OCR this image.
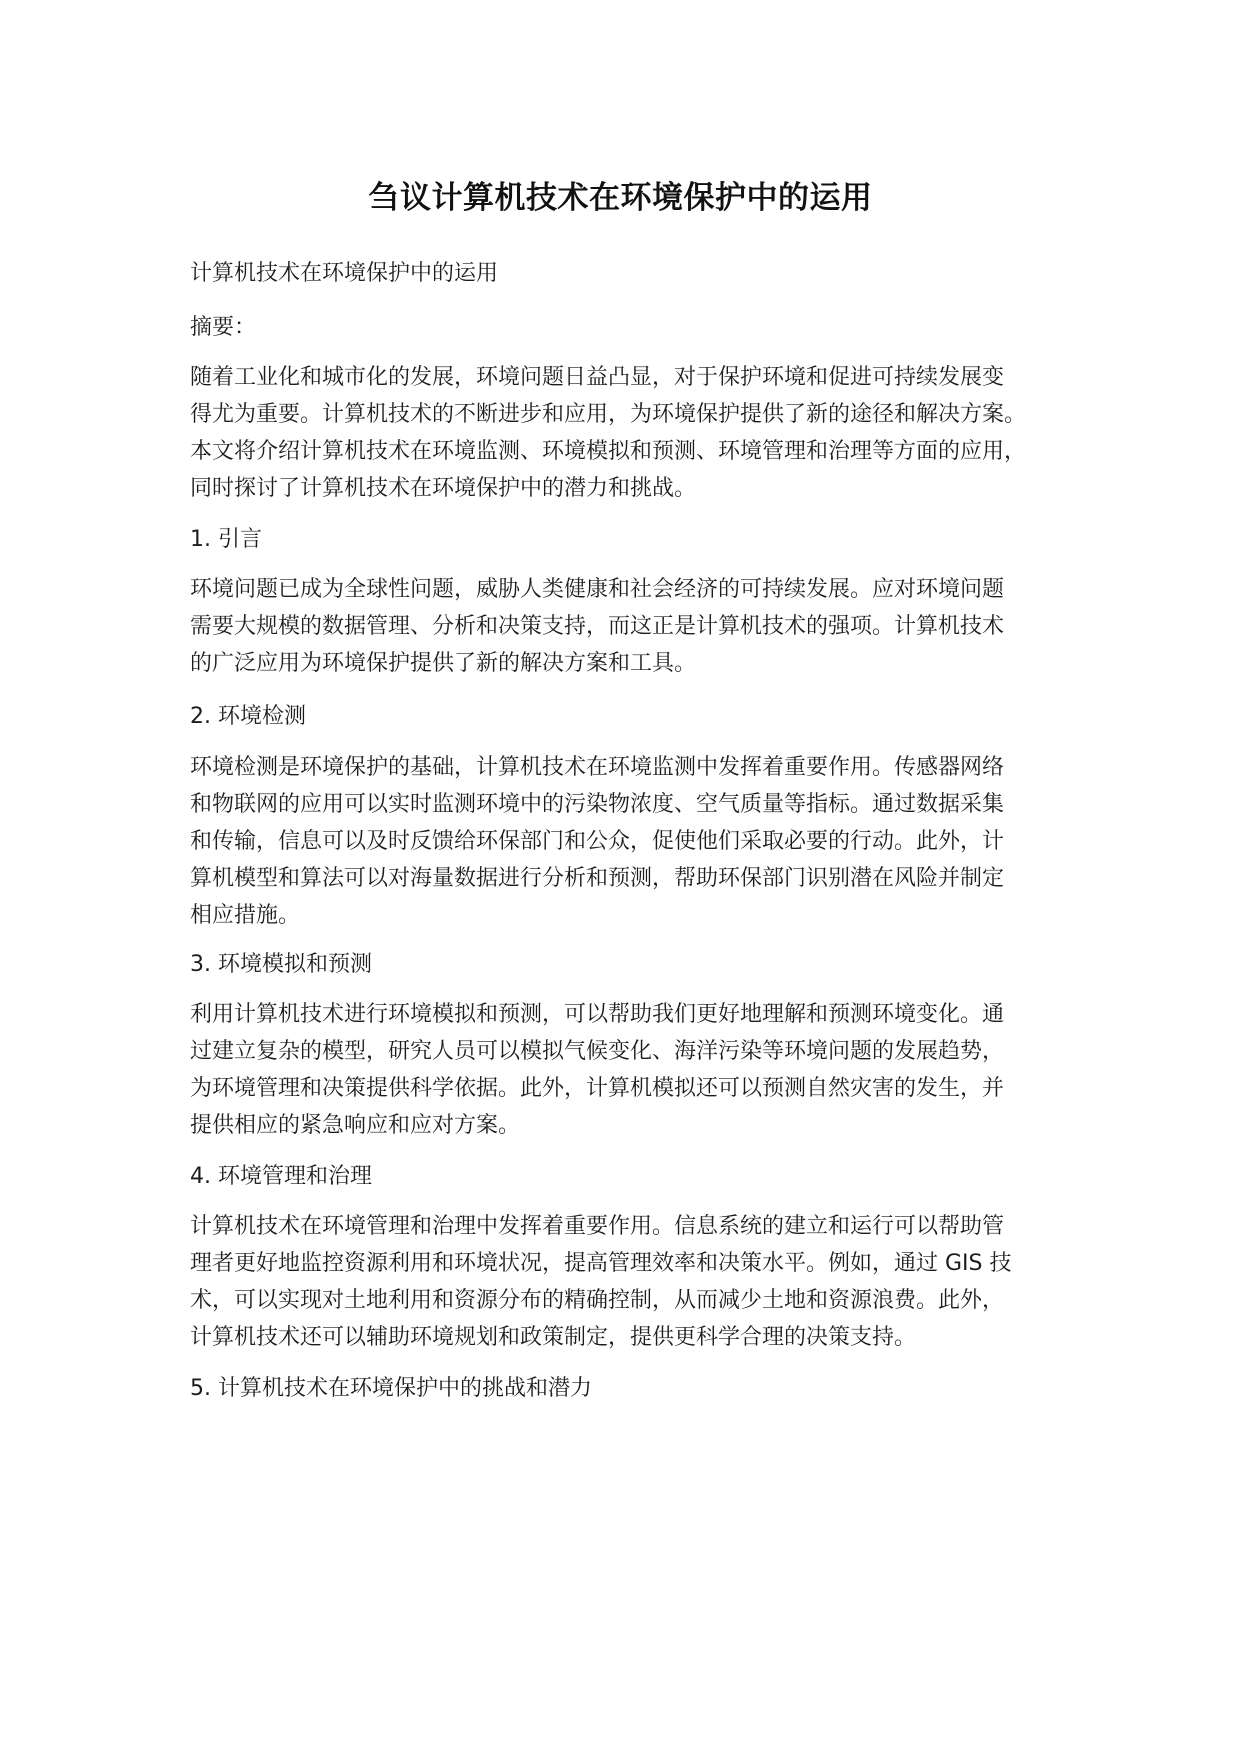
刍议计算机技术在环境保护中的运用

计算机技术在环境保护中的运用

摘要：

随着工业化和城市化的发展，环境问题日益凸显，对于保护环境和促进可持续发展变
得尤为重要。计算机技术的不断进步和应用，为环境保护提供了新的途径和解决方案。
本文将介绍计算机技术在环境监测、环境模拟和预测、环境管理和治理等方面的应用，
同时探讨了计算机技术在环境保护中的潜力和挑战。

1. 引言

环境问题已成为全球性问题，威胁人类健康和社会经济的可持续发展。应对环境问题
需要大规模的数据管理、分析和决策支持，而这正是计算机技术的强项。计算机技术
的广泛应用为环境保护提供了新的解决方案和工具。

2. 环境检测

环境检测是环境保护的基础，计算机技术在环境监测中发挥着重要作用。传感器网络
和物联网的应用可以实时监测环境中的污染物浓度、空气质量等指标。通过数据采集
和传输，信息可以及时反馈给环保部门和公众，促使他们采取必要的行动。此外，计
算机模型和算法可以对海量数据进行分析和预测，帮助环保部门识别潜在风险并制定
相应措施。

3. 环境模拟和预测

利用计算机技术进行环境模拟和预测，可以帮助我们更好地理解和预测环境变化。通
过建立复杂的模型，研究人员可以模拟气候变化、海洋污染等环境问题的发展趋势，
为环境管理和决策提供科学依据。此外，计算机模拟还可以预测自然灾害的发生，并
提供相应的紧急响应和应对方案。

4. 环境管理和治理

计算机技术在环境管理和治理中发挥着重要作用。信息系统的建立和运行可以帮助管
理者更好地监控资源利用和环境状况，提高管理效率和决策水平。例如，通过 GIS 技
术，可以实现对土地利用和资源分布的精确控制，从而减少土地和资源浪费。此外，
计算机技术还可以辅助环境规划和政策制定，提供更科学合理的决策支持。

5. 计算机技术在环境保护中的挑战和潜力
